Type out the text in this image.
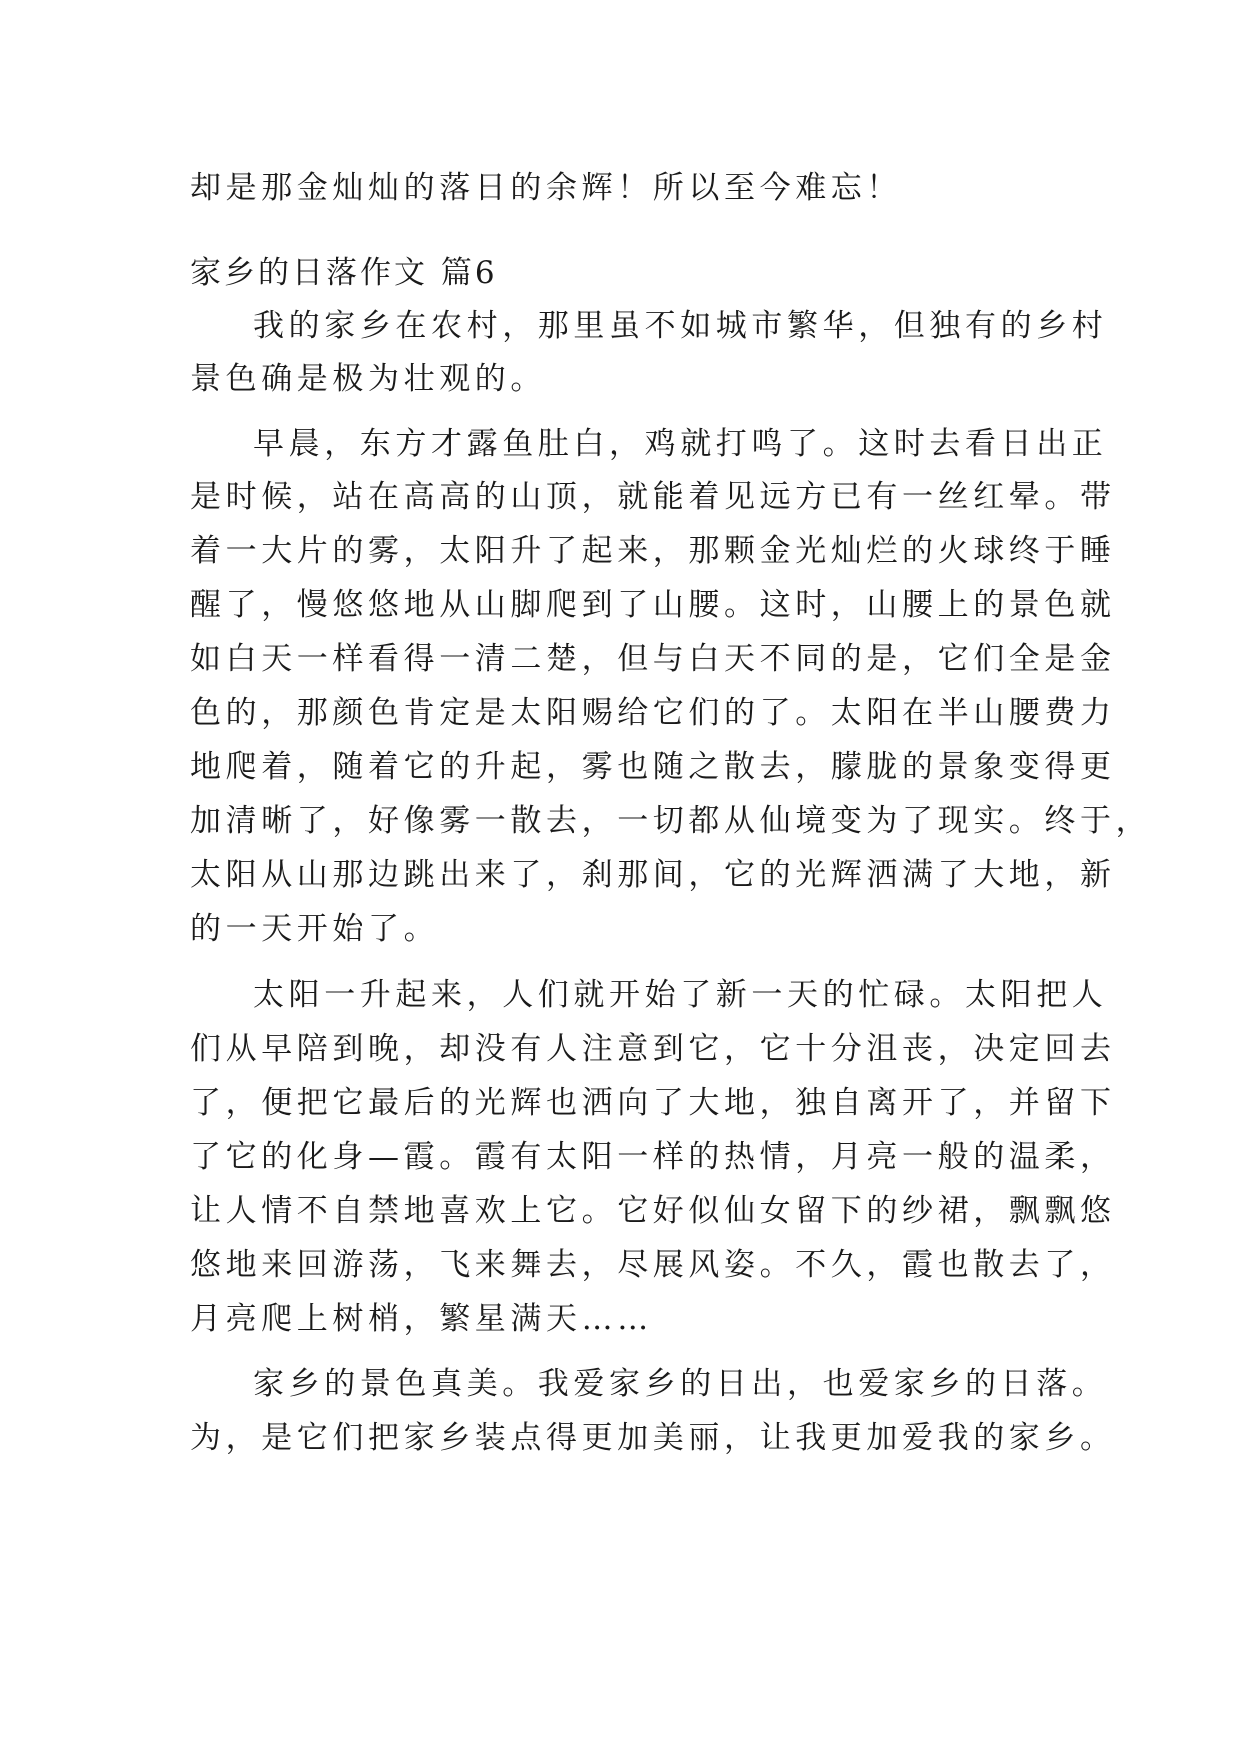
却是那金灿灿的落日的余辉！所以至今难忘！
家乡的日落作文 篇6
我的家乡在农村，那里虽不如城市繁华，但独有的乡村
景色确是极为壮观的。
早晨，东方才露鱼肚白，鸡就打鸣了。这时去看日出正
是时候，站在高高的山顶，就能着见远方已有一丝红晕。带
着一大片的雾，太阳升了起来，那颗金光灿烂的火球终于睡
醒了，慢悠悠地从山脚爬到了山腰。这时，山腰上的景色就
如白天一样看得一清二楚，但与白天不同的是，它们全是金
色的，那颜色肯定是太阳赐给它们的了。太阳在半山腰费力
地爬着，随着它的升起，雾也随之散去，朦胧的景象变得更
加清晰了，好像雾一散去，一切都从仙境变为了现实。终于，
太阳从山那边跳出来了，刹那间，它的光辉洒满了大地，新
的一天开始了。
太阳一升起来，人们就开始了新一天的忙碌。太阳把人
们从早陪到晚，却没有人注意到它，它十分沮丧，决定回去
了，便把它最后的光辉也洒向了大地，独自离开了，并留下
了它的化身—霞。霞有太阳一样的热情，月亮一般的温柔，
让人情不自禁地喜欢上它。它好似仙女留下的纱裙，飘飘悠
悠地来回游荡，飞来舞去，尽展风姿。不久，霞也散去了，
月亮爬上树梢，繁星满天……
家乡的景色真美。我爱家乡的日出，也爱家乡的日落。
为，是它们把家乡装点得更加美丽，让我更加爱我的家乡。
